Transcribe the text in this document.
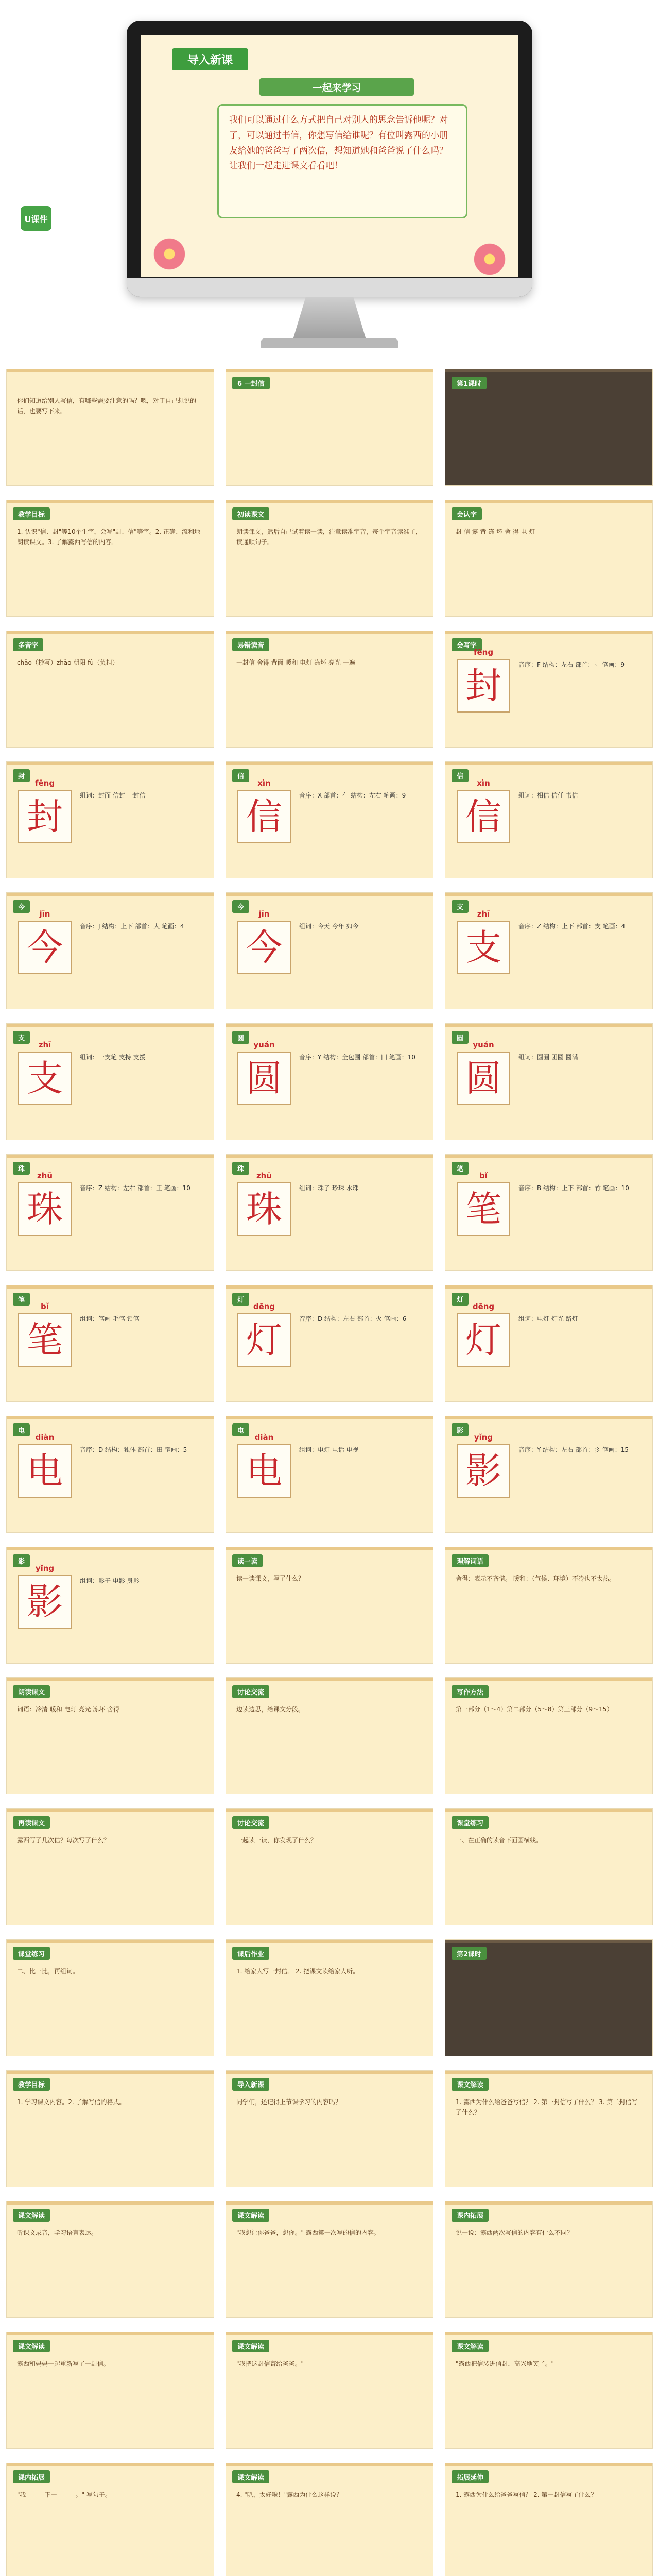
导入新课
一起来学习
我们可以通过什么方式把自己对别人的思念告诉他呢？对了，可以通过书信，你想写信给谁呢？有位叫露西的小朋友给她的爸爸写了两次信，想知道她和爸爸说了什么吗？让我们一起走进课文看看吧！
U课件
你们知道给别人写信，有哪些需要注意的吗？嗯，对于自己想说的话，也要写下来。
6 一封信	第1课时
教学目标
1. 认识"信、封"等10个生字，会写"封、信"等字。2. 正确、流利地朗读课文。3. 了解露西写信的内容。
初读课文
朗读课文，然后自己试着读一读，注意读准字音，每个字音读准了，读通顺句子。
会认字
封 信 露 背 冻 坏 舍 得 电 灯
多音字
chāo（抄写）zhāo 朝阳 fù（负担）
易错读音
一封信 舍得 背面 暖和 电灯 冻坏 亮光 一遍
会写字
fēng
封	音序：F 结构：左右 部首：寸 笔画：9
封
fēng
封	组词：封面 信封 一封信
信
xìn
信	音序：X 部首：亻 结构：左右 笔画：9
信
xìn
信	组词：相信 信任 书信
今
jīn
今	音序：J 结构：上下 部首：人 笔画：4
今
jīn
今	组词：今天 今年 如今
支
zhī
支	音序：Z 结构：上下 部首：支 笔画：4
支
zhī
支	组词：一支笔 支持 支援
圆
yuán
圆	音序：Y 结构：全包围 部首：囗 笔画：10
圆
yuán
圆	组词：圆圈 团圆 圆满
珠
zhū
珠	音序：Z 结构：左右 部首：王 笔画：10
珠
zhū
珠	组词：珠子 珍珠 水珠
笔
bǐ
笔	音序：B 结构：上下 部首：竹 笔画：10
笔
bǐ
笔	组词：笔画 毛笔 铅笔
灯
dēng
灯	音序：D 结构：左右 部首：火 笔画：6
灯
dēng
灯	组词：电灯 灯光 路灯
电
diàn
电	音序：D 结构：独体 部首：田 笔画：5
电
diàn
电	组词：电灯 电话 电视
影
yǐng
影	音序：Y 结构：左右 部首：彡 笔画：15
影
yǐng
影	组词：影子 电影 身影
读一读
读一读课文，写了什么？
理解词语
舍得：表示不吝惜。 暖和：（气候、环境）不冷也不太热。
朗读课文
词语：冷清 暖和 电灯 亮光 冻坏 舍得
讨论交流
边读边思，给课文分段。
写作方法
第一部分（1～4）第二部分（5～8）第三部分（9～15）
再读课文
露西写了几次信？每次写了什么？
讨论交流
一起读一读，你发现了什么？
课堂练习
一、在正确的读音下面画横线。
课堂练习
二、比一比，再组词。
课后作业
1. 给家人写一封信。 2. 把课文读给家人听。
第2课时
教学目标
1. 学习课文内容。2. 了解写信的格式。
导入新课
同学们，还记得上节课学习的内容吗？
课文解读
1. 露西为什么给爸爸写信？ 2. 第一封信写了什么？ 3. 第二封信写了什么？
课文解读
听课文录音，学习语言表达。
课文解读
"我想让你爸爸，想你。" 露西第一次写的信的内容。
课内拓展
说一说：露西两次写信的内容有什么不同？
课文解读
露西和妈妈一起重新写了一封信。
课文解读
"我把这封信寄给爸爸。"
课文解读
"露西把信装进信封，高兴地笑了。"
课内拓展
"我______下一______。" 写句子。
课文解读
4. "叭，太好啦！"露西为什么这样说？
拓展延伸
1. 露西为什么给爸爸写信？ 2. 第一封信写了什么？
